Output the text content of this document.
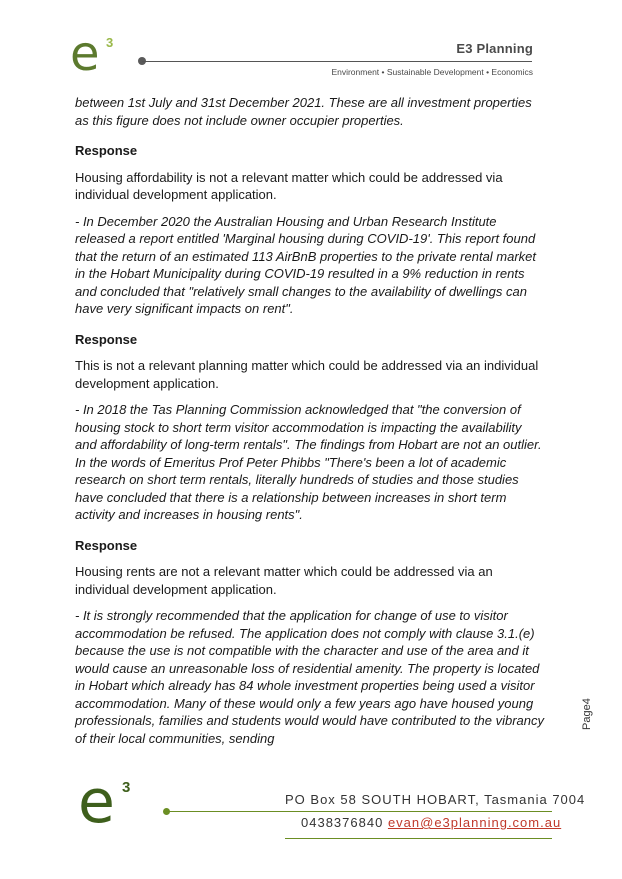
e 3	E3 Planning
Environment • Sustainable Development • Economics

between 1st July and 31st December 2021. These are all investment properties as this figure does not include owner occupier properties.

Response

Housing affordability is not a relevant matter which could be addressed via individual development application.

- In December 2020 the Australian Housing and Urban Research Institute released a report entitled 'Marginal housing during COVID-19'. This report found that the return of an estimated 113 AirBnB properties to the private rental market in the Hobart Municipality during COVID-19 resulted in a 9% reduction in rents and concluded that "relatively small changes to the availability of dwellings can have very significant impacts on rent".

Response

This is not a relevant planning matter which could be addressed via an individual development application.

- In 2018 the Tas Planning Commission acknowledged that "the conversion of housing stock to short term visitor accommodation is impacting the availability and affordability of long-term rentals". The findings from Hobart are not an outlier. In the words of Emeritus Prof Peter Phibbs "There's been a lot of academic research on short term rentals, literally hundreds of studies and those studies have concluded that there is a relationship between increases in short term activity and increases in housing rents".

Response

Housing rents are not a relevant matter which could be addressed via an individual development application.

- It is strongly recommended that the application for change of use to visitor accommodation be refused. The application does not comply with clause 3.1.(e) because the use is not compatible with the character and use of the area and it would cause an unreasonable loss of residential amenity. The property is located in Hobart which already has 84 whole investment properties being used a visitor accommodation. Many of these would only a few years ago have housed young professionals, families and students would would have contributed to the vibrancy of their local communities, sending

Page4
e 3
PO Box 58 SOUTH HOBART, Tasmania 7004
0438376840 evan@e3planning.com.au
